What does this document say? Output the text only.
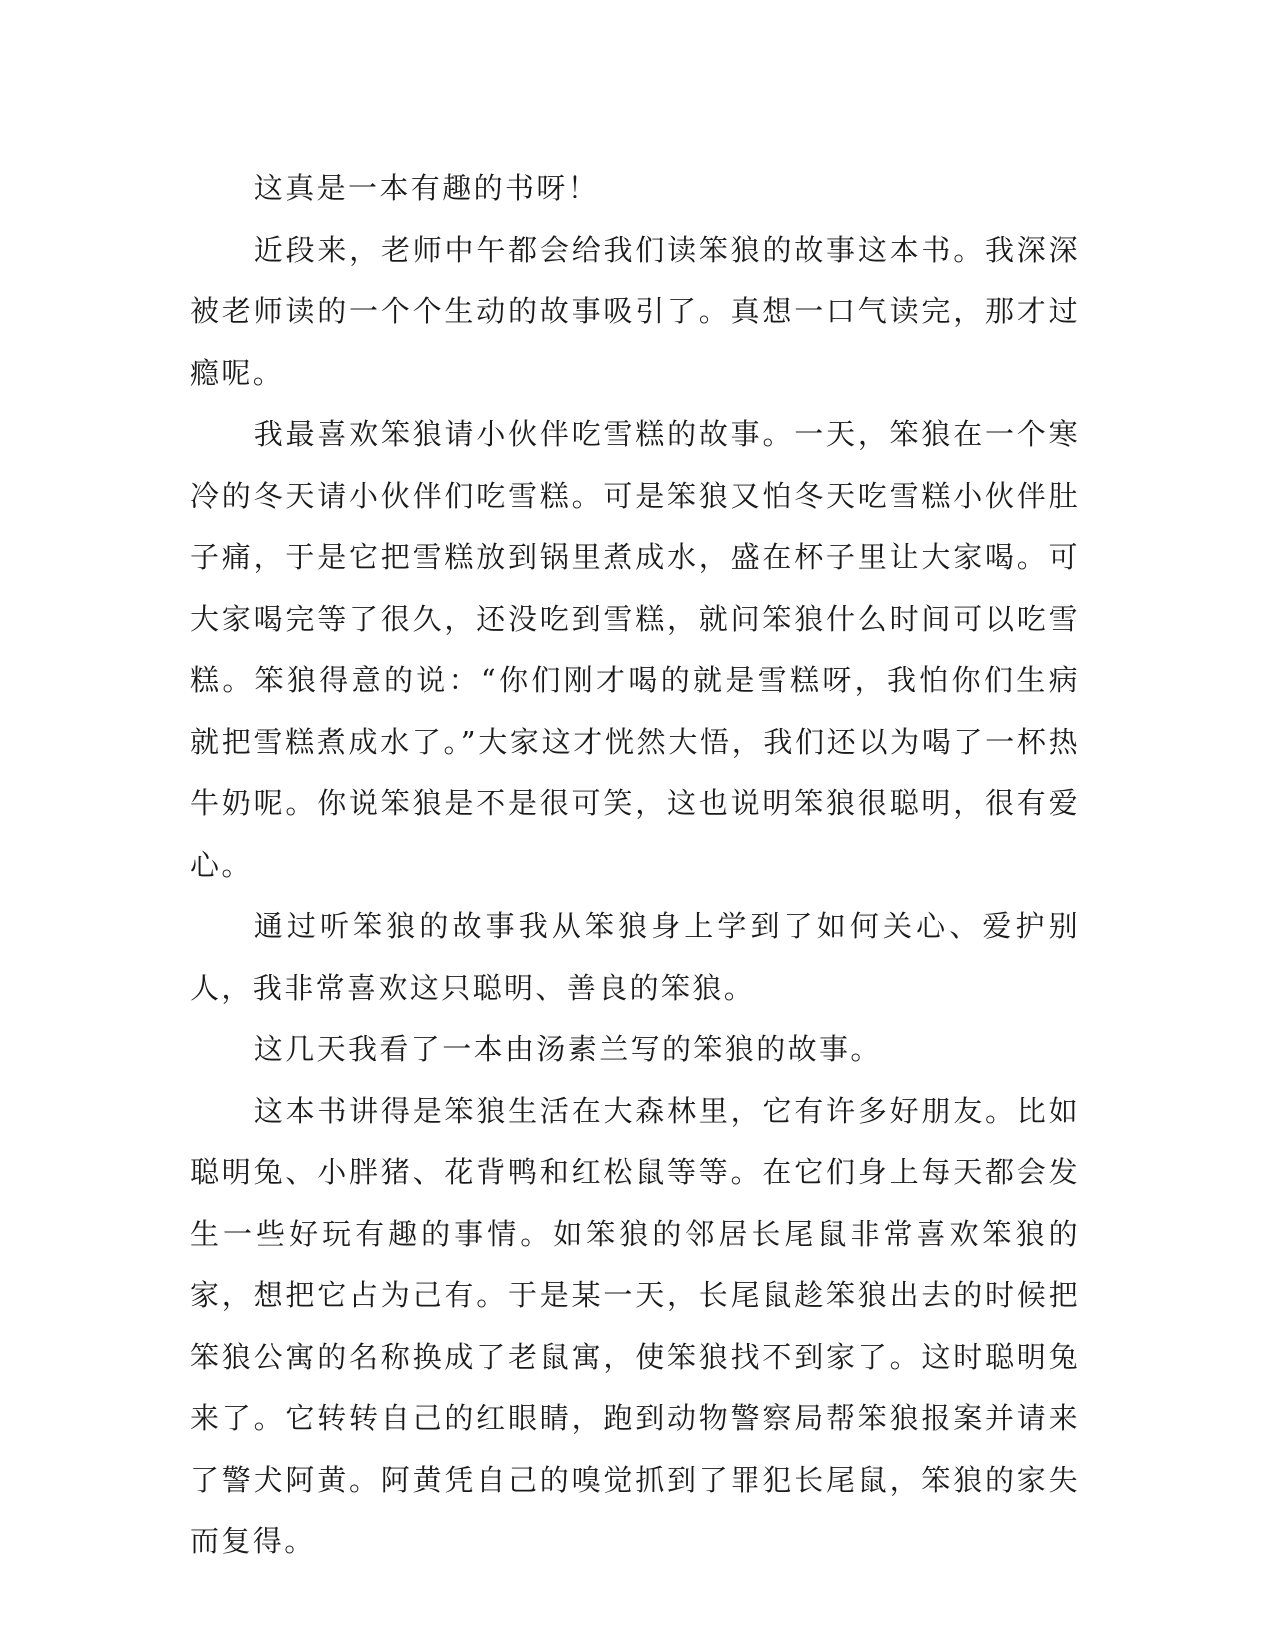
这真是一本有趣的书呀！

近段来，老师中午都会给我们读笨狼的故事这本书。我深深被老师读的一个个生动的故事吸引了。真想一口气读完，那才过瘾呢。

我最喜欢笨狼请小伙伴吃雪糕的故事。一天，笨狼在一个寒冷的冬天请小伙伴们吃雪糕。可是笨狼又怕冬天吃雪糕小伙伴肚子痛，于是它把雪糕放到锅里煮成水，盛在杯子里让大家喝。可大家喝完等了很久，还没吃到雪糕，就问笨狼什么时间可以吃雪糕。笨狼得意的说：“你们刚才喝的就是雪糕呀，我怕你们生病就把雪糕煮成水了。”大家这才恍然大悟，我们还以为喝了一杯热牛奶呢。你说笨狼是不是很可笑，这也说明笨狼很聪明，很有爱心。

通过听笨狼的故事我从笨狼身上学到了如何关心、爱护别人，我非常喜欢这只聪明、善良的笨狼。

这几天我看了一本由汤素兰写的笨狼的故事。

这本书讲得是笨狼生活在大森林里，它有许多好朋友。比如聪明兔、小胖猪、花背鸭和红松鼠等等。在它们身上每天都会发生一些好玩有趣的事情。如笨狼的邻居长尾鼠非常喜欢笨狼的家，想把它占为己有。于是某一天，长尾鼠趁笨狼出去的时候把笨狼公寓的名称换成了老鼠寓，使笨狼找不到家了。这时聪明兔来了。它转转自己的红眼睛，跑到动物警察局帮笨狼报案并请来了警犬阿黄。阿黄凭自己的嗅觉抓到了罪犯长尾鼠，笨狼的家失而复得。
